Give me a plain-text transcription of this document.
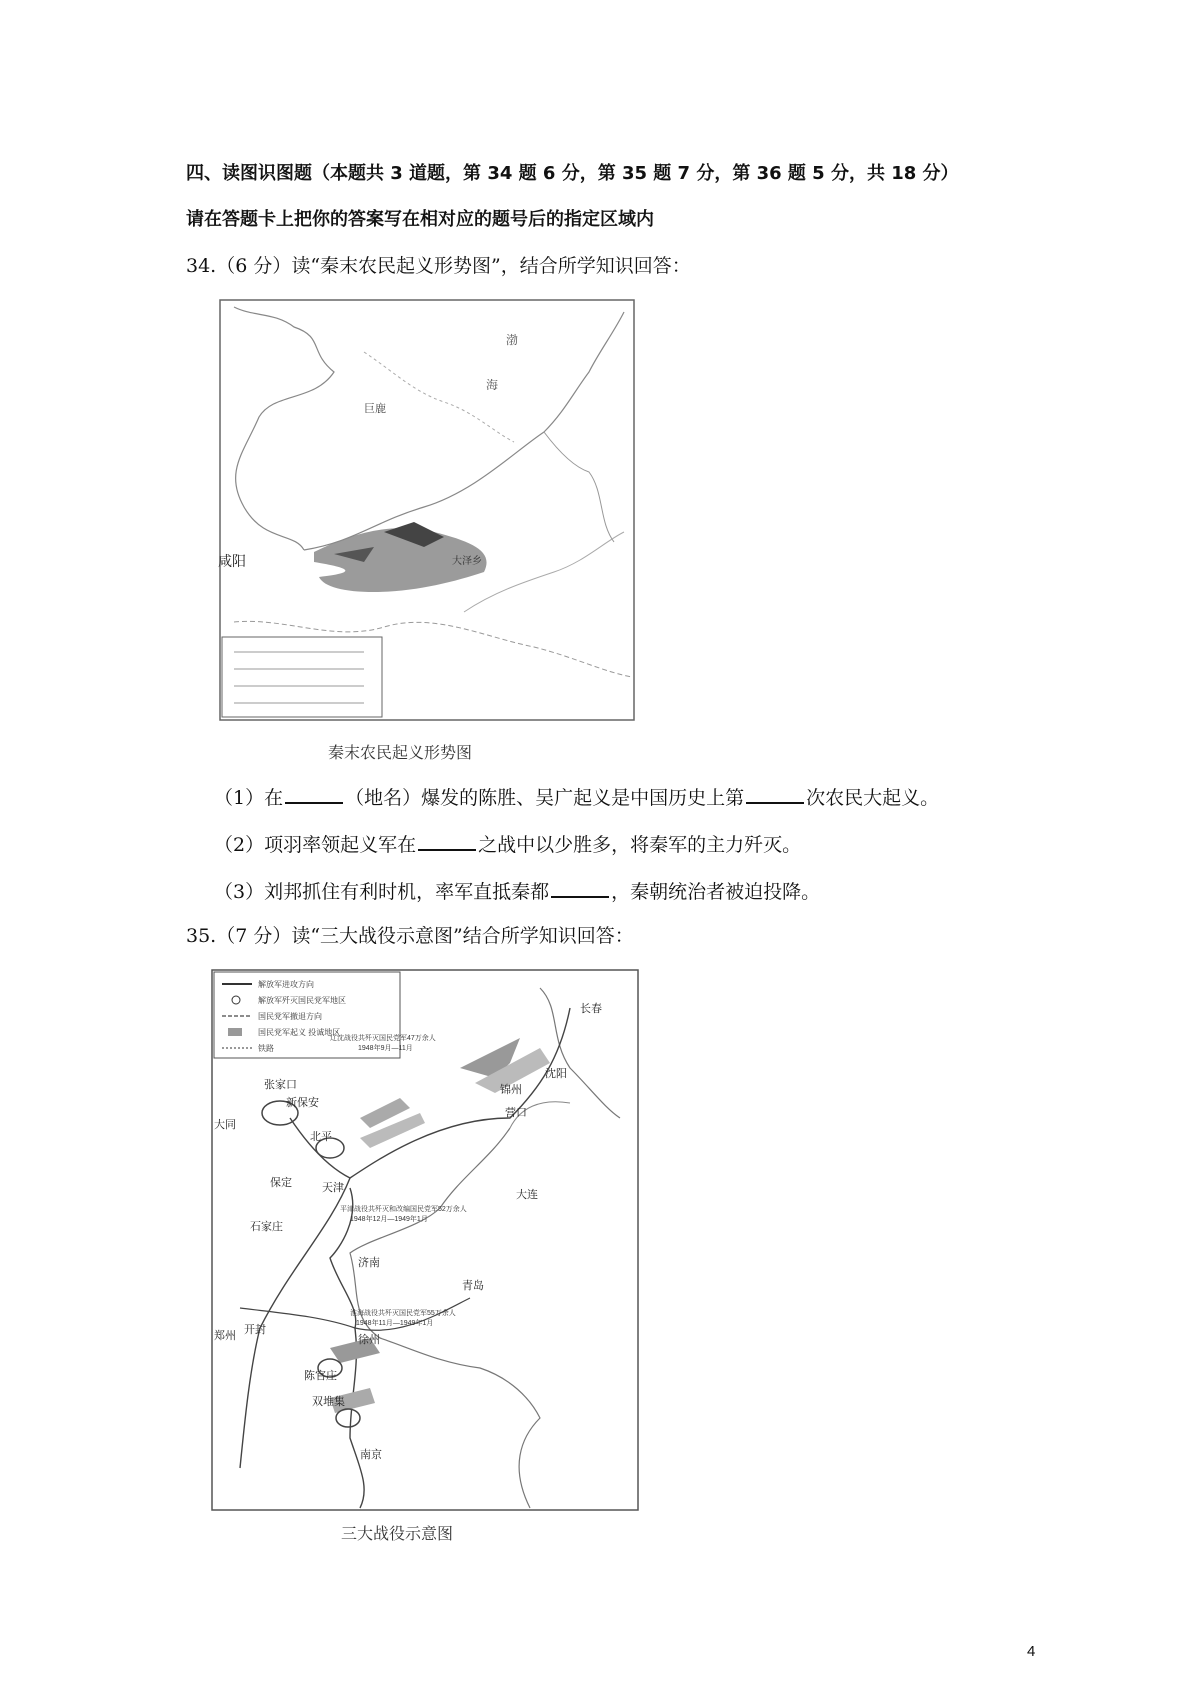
四、读图识图题（本题共 3 道题，第 34 题 6 分，第 35 题 7 分，第 36 题 5 分，共 18 分）
请在答题卡上把你的答案写在相对应的题号后的指定区域内
34.（6 分）读“秦末农民起义形势图”，结合所学知识回答：
咸阳
巨鹿
渤
海
大泽乡
秦末农民起义形势图
（1）在	（地名）爆发的陈胜、吴广起义是中国历史上第	次农民大起义。
（2）项羽率领起义军在	之战中以少胜多，将秦军的主力歼灭。
（3）刘邦抓住有利时机，率军直抵秦都	，秦朝统治者被迫投降。
35.（7 分）读“三大战役示意图”结合所学知识回答：
解放军进攻方向
解放军歼灭国民党军地区
国民党军撤退方向
国民党军起义 投诚地区
铁路
长春
沈阳
锦州
营口
张家口
新保安
大同
北平
天津
保定
石家庄
大连
济南
青岛
开封
郑州	徐州
陈官庄
双堆集
南京
辽沈战役共歼灭国民党军47万余人
1948年9月—11月
平津战役共歼灭和改编国民党军52万余人
1948年12月—1949年1月
淮海战役共歼灭国民党军55万余人
1948年11月—1949年1月
三大战役示意图
4
